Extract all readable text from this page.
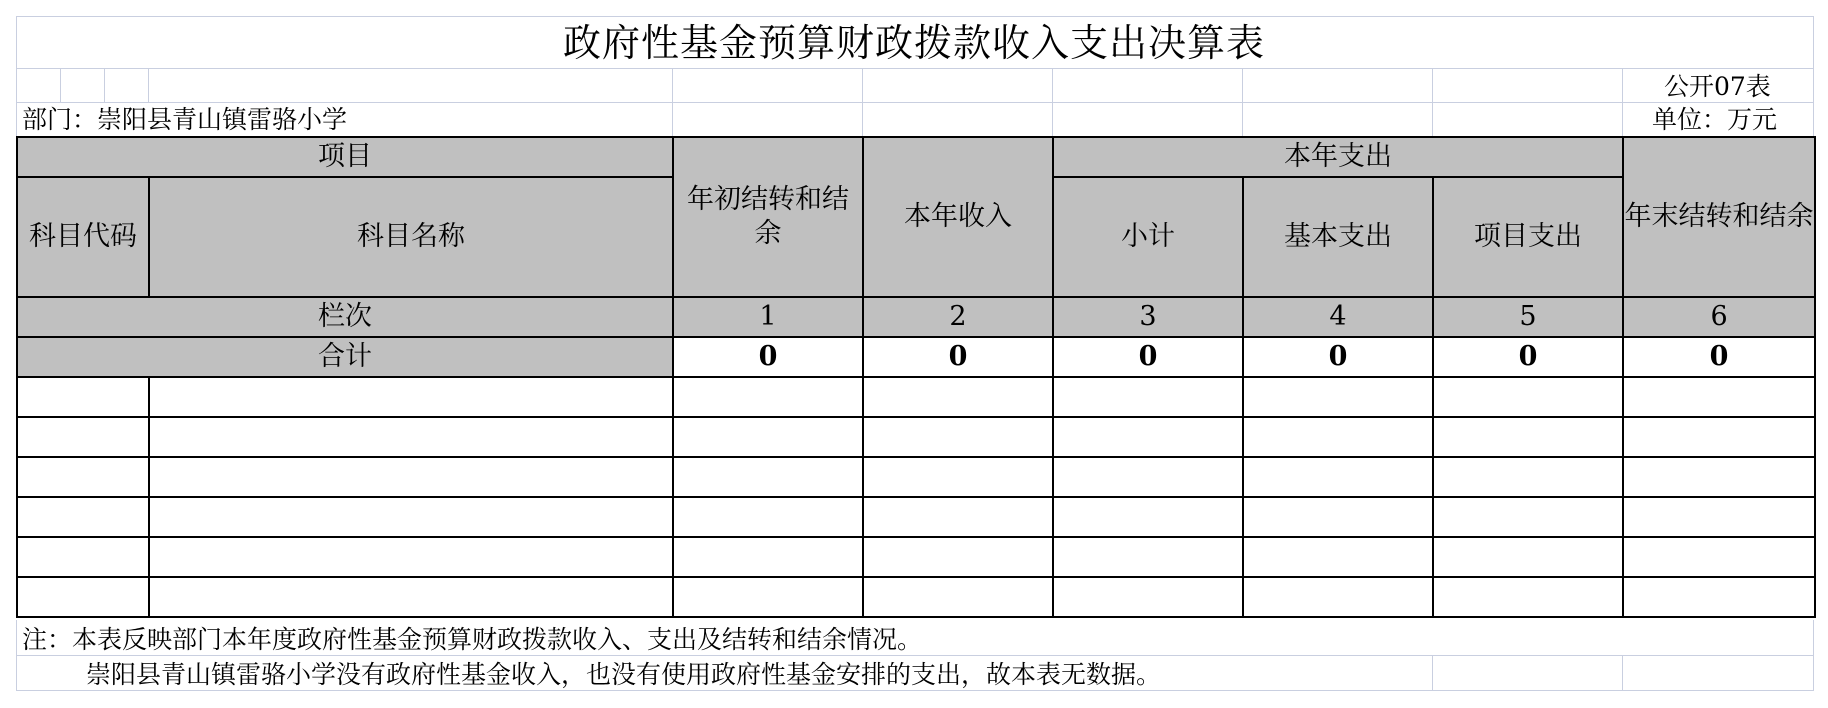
政府性基金预算财政拨款收入支出决算表
公开07表
部门：崇阳县青山镇雷骆小学	单位：万元
项目		年初结转和结余	本年收入	本年支出			年末结转和结余
科目代码	科目名称			小计	基本支出	项目支出	
栏次		1	2	3	4	5	6
合计		0	0	0	0	0	0

注：本表反映部门本年度政府性基金预算财政拨款收入、支出及结转和结余情况。
崇阳县青山镇雷骆小学没有政府性基金收入，也没有使用政府性基金安排的支出，故本表无数据。
